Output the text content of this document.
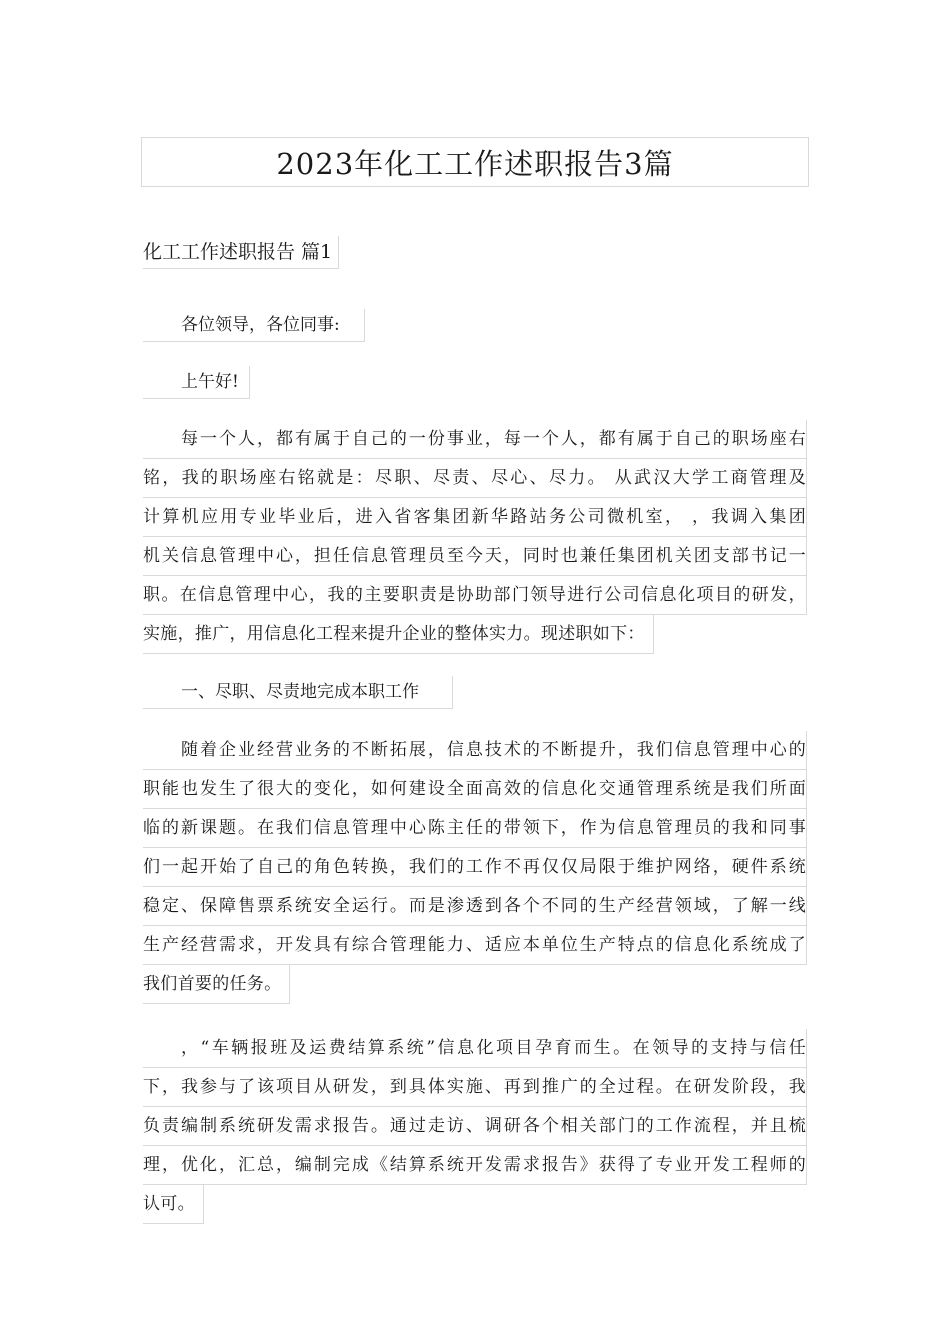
2023年化工工作述职报告3篇
化工工作述职报告 篇1
各位领导，各位同事:
上午好!
每一个人，都有属于自己的一份事业，每一个人，都有属于自己的职场座右
铭，我的职场座右铭就是：尽职、尽责、尽心、尽力。 从武汉大学工商管理及
计算机应用专业毕业后，进入省客集团新华路站务公司微机室， ，我调入集团
机关信息管理中心，担任信息管理员至今天，同时也兼任集团机关团支部书记一
职。在信息管理中心，我的主要职责是协助部门领导进行公司信息化项目的研发，
实施，推广，用信息化工程来提升企业的整体实力。现述职如下：
一、尽职、尽责地完成本职工作
随着企业经营业务的不断拓展，信息技术的不断提升，我们信息管理中心的
职能也发生了很大的变化，如何建设全面高效的信息化交通管理系统是我们所面
临的新课题。在我们信息管理中心陈主任的带领下，作为信息管理员的我和同事
们一起开始了自己的角色转换，我们的工作不再仅仅局限于维护网络，硬件系统
稳定、保障售票系统安全运行。而是渗透到各个不同的生产经营领域，了解一线
生产经营需求，开发具有综合管理能力、适应本单位生产特点的信息化系统成了
我们首要的任务。
，“车辆报班及运费结算系统”信息化项目孕育而生。在领导的支持与信任
下，我参与了该项目从研发，到具体实施、再到推广的全过程。在研发阶段，我
负责编制系统研发需求报告。通过走访、调研各个相关部门的工作流程，并且梳
理，优化，汇总，编制完成《结算系统开发需求报告》获得了专业开发工程师的
认可。
